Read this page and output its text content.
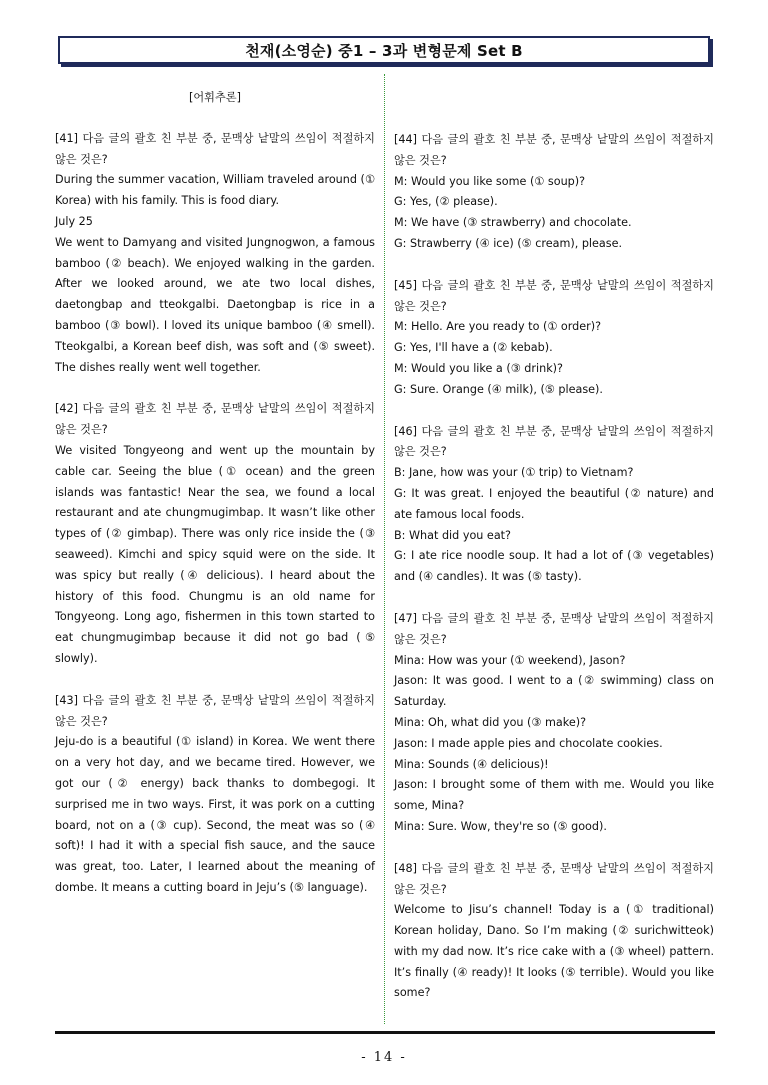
천재(소영순) 중1 – 3과 변형문제 Set B
[어휘추론]

[41] 다음 글의 괄호 친 부분 중, 문맥상 낱말의 쓰임이 적절하지 않은 것은?

During the summer vacation, William traveled around (① Korea) with his family. This is food diary.

July 25

We went to Damyang and visited Jungnogwon, a famous bamboo (② beach). We enjoyed walking in the garden. After we looked around, we ate two local dishes, daetongbap and tteokgalbi. Daetongbap is rice in a bamboo (③ bowl). I loved its unique bamboo (④ smell). Tteokgalbi, a Korean beef dish, was soft and (⑤ sweet). The dishes really went well together.

[42] 다음 글의 괄호 친 부분 중, 문맥상 낱말의 쓰임이 적절하지 않은 것은?

We visited Tongyeong and went up the mountain by cable car. Seeing the blue (① ocean) and the green islands was fantastic! Near the sea, we found a local restaurant and ate chungmugimbap. It wasn’t like other types of (② gimbap). There was only rice inside the (③ seaweed). Kimchi and spicy squid were on the side. It was spicy but really (④ delicious). I heard about the history of this food. Chungmu is an old name for Tongyeong. Long ago, fishermen in this town started to eat chungmugimbap because it did not go bad (⑤ slowly).

[43] 다음 글의 괄호 친 부분 중, 문맥상 낱말의 쓰임이 적절하지 않은 것은?

Jeju-do is a beautiful (① island) in Korea. We went there on a very hot day, and we became tired. However, we got our (② energy) back thanks to dombegogi. It surprised me in two ways. First, it was pork on a cutting board, not on a (③ cup). Second, the meat was so (④ soft)! I had it with a special fish sauce, and the sauce was great, too. Later, I learned about the meaning of dombe. It means a cutting board in Jeju’s (⑤ language).

[44] 다음 글의 괄호 친 부분 중, 문맥상 낱말의 쓰임이 적절하지 않은 것은?

M: Would you like some (① soup)?

G: Yes, (② please).

M: We have (③ strawberry) and chocolate.

G: Strawberry (④ ice) (⑤ cream), please.

[45] 다음 글의 괄호 친 부분 중, 문맥상 낱말의 쓰임이 적절하지 않은 것은?

M: Hello. Are you ready to (① order)?

G: Yes, I'll have a (② kebab).

M: Would you like a (③ drink)?

G: Sure. Orange (④ milk), (⑤ please).

[46] 다음 글의 괄호 친 부분 중, 문맥상 낱말의 쓰임이 적절하지 않은 것은?

B: Jane, how was your (① trip) to Vietnam?

G: It was great. I enjoyed the beautiful (② nature) and ate famous local foods.

B: What did you eat?

G: I ate rice noodle soup. It had a lot of (③ vegetables) and (④ candles). It was (⑤ tasty).

[47] 다음 글의 괄호 친 부분 중, 문맥상 낱말의 쓰임이 적절하지 않은 것은?

Mina: How was your (① weekend), Jason?

Jason: It was good. I went to a (② swimming) class on Saturday.

Mina: Oh, what did you (③ make)?

Jason: I made apple pies and chocolate cookies.

Mina: Sounds (④ delicious)!

Jason: I brought some of them with me. Would you like some, Mina?

Mina: Sure. Wow, they're so (⑤ good).

[48] 다음 글의 괄호 친 부분 중, 문맥상 낱말의 쓰임이 적절하지 않은 것은?

Welcome to Jisu’s channel! Today is a (① traditional) Korean holiday, Dano. So I’m making (② surichwitteok) with my dad now. It’s rice cake with a (③ wheel) pattern. It’s finally (④ ready)! It looks (⑤ terrible). Would you like some?

- 14 -
